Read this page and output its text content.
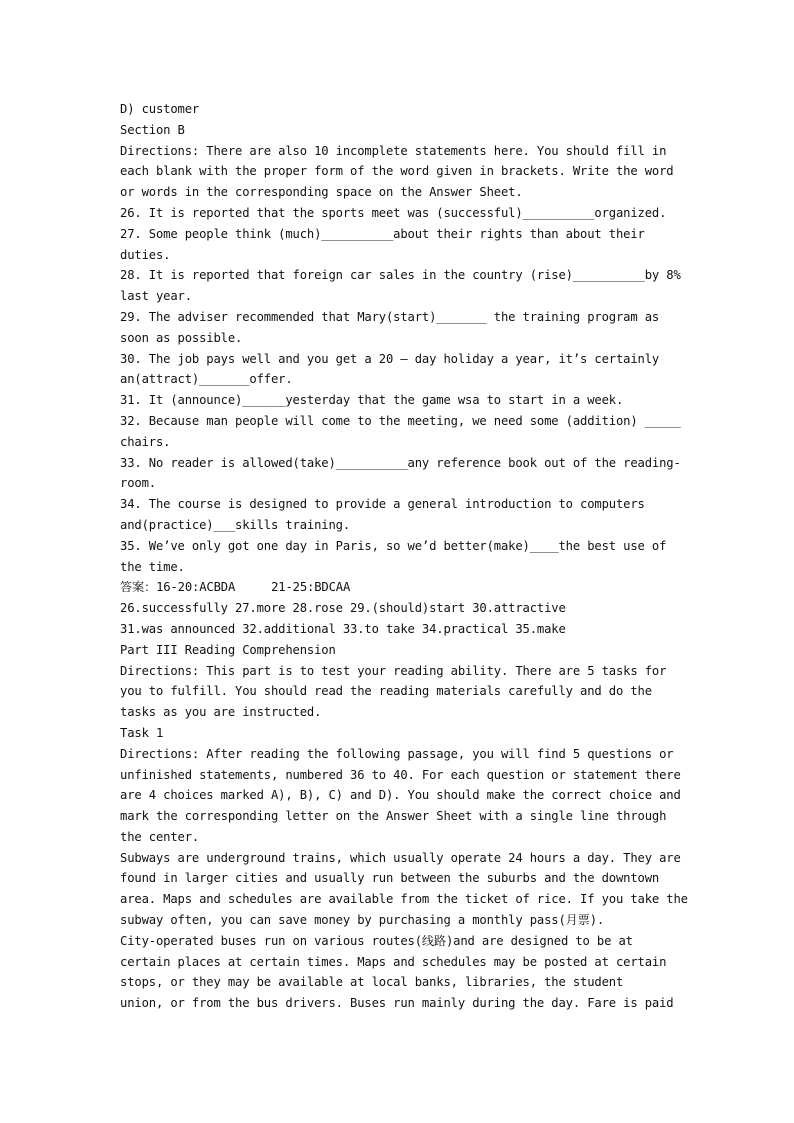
D) customer
Section B
Directions: There are also 10 incomplete statements here. You should fill in
each blank with the proper form of the word given in brackets. Write the word
or words in the corresponding space on the Answer Sheet.
26. It is reported that the sports meet was (successful)__________organized.
27. Some people think (much)__________about their rights than about their
duties.
28. It is reported that foreign car sales in the country (rise)__________by 8%
last year.
29. The adviser recommended that Mary(start)_______ the training program as
soon as possible.
30. The job pays well and you get a 20 – day holiday a year, it’s certainly
an(attract)_______offer.
31. It (announce)______yesterday that the game wsa to start in a week.
32. Because man people will come to the meeting, we need some (addition) _____
chairs.
33. No reader is allowed(take)__________any reference book out of the reading-
room.
34. The course is designed to provide a general introduction to computers
and(practice)___skills training.
35. We’ve only got one day in Paris, so we’d better(make)____the best use of
the time.
答案：16-20:ACBDA     21-25:BDCAA
26.successfully 27.more 28.rose 29.(should)start 30.attractive
31.was announced 32.additional 33.to take 34.practical 35.make
Part III Reading Comprehension
Directions: This part is to test your reading ability. There are 5 tasks for
you to fulfill. You should read the reading materials carefully and do the
tasks as you are instructed.
Task 1
Directions: After reading the following passage, you will find 5 questions or
unfinished statements, numbered 36 to 40. For each question or statement there
are 4 choices marked A), B), C) and D). You should make the correct choice and
mark the corresponding letter on the Answer Sheet with a single line through
the center.
Subways are underground trains, which usually operate 24 hours a day. They are
found in larger cities and usually run between the suburbs and the downtown
area. Maps and schedules are available from the ticket of rice. If you take the
subway often, you can save money by purchasing a monthly pass(月票).
City-operated buses run on various routes(线路)and are designed to be at
certain places at certain times. Maps and schedules may be posted at certain
stops, or they may be available at local banks, libraries, the student
union, or from the bus drivers. Buses run mainly during the day. Fare is paid
